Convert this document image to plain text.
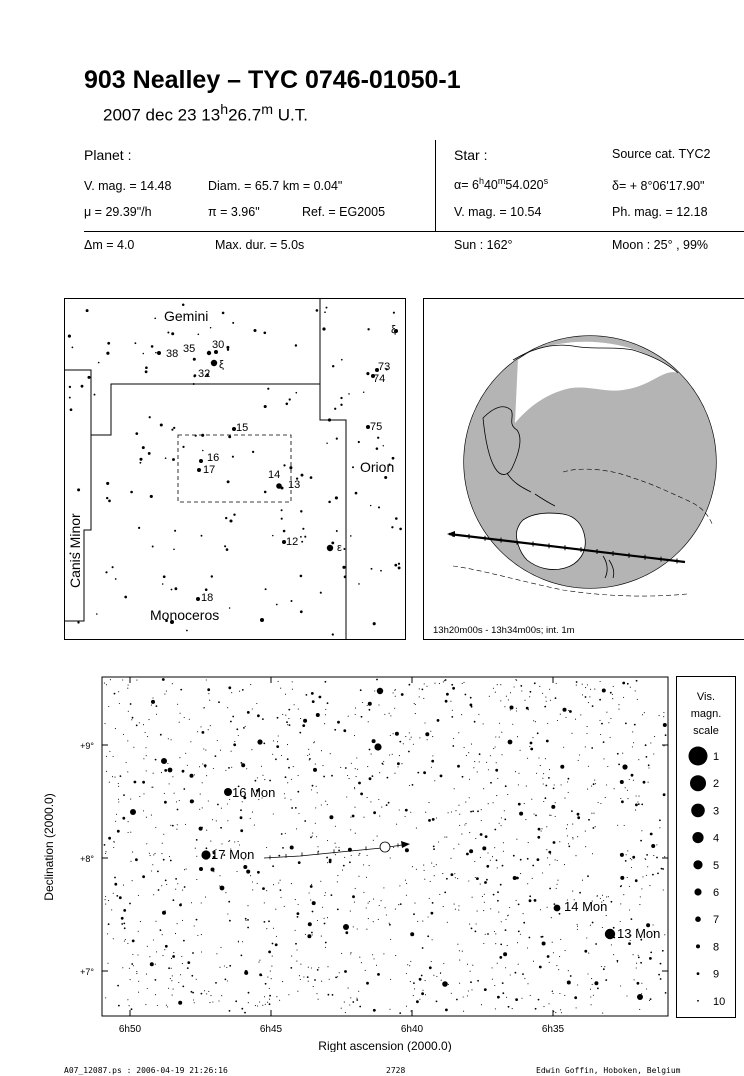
903 Nealley – TYC 0746-01050-1
2007 dec 23 13$^h$26.7$^m$ U.T.
Planet :
V. mag. = 14.48	Diam. = 65.7 km = 0.04"
μ = 29.39"/h	π = 3.96"	Ref. = EG2005
Star :	Source cat. TYC2
$\alpha= 6^h40^m54.020^s$	δ= + 8°06'17.90"
V. mag. = 10.54	Ph. mag. = 12.18
Δm = 4.0	Max. dur. = 5.0s	Sun : 162°	Moon : 25° , 99%
Gemini
Orion
Monoceros
Canis Minor
38 35 30
32
ξ
ξ
73
74
15
16
17	14
13
75
12	ε
18
13h20m00s - 13h34m00s; int. 1m
6h50	6h45	6h40	6h35
+9°
+8°
+7°
Right ascension (2000.0)
Declination (2000.0)
16 Mon
17 Mon
14 Mon
13 Mon
Vis.
magn.
scale
1
2
3
4
5
6
7
8
9
10
A07_12087.ps : 2006-04-19 21:26:16	2728	Edwin Goffin, Hoboken, Belgium
